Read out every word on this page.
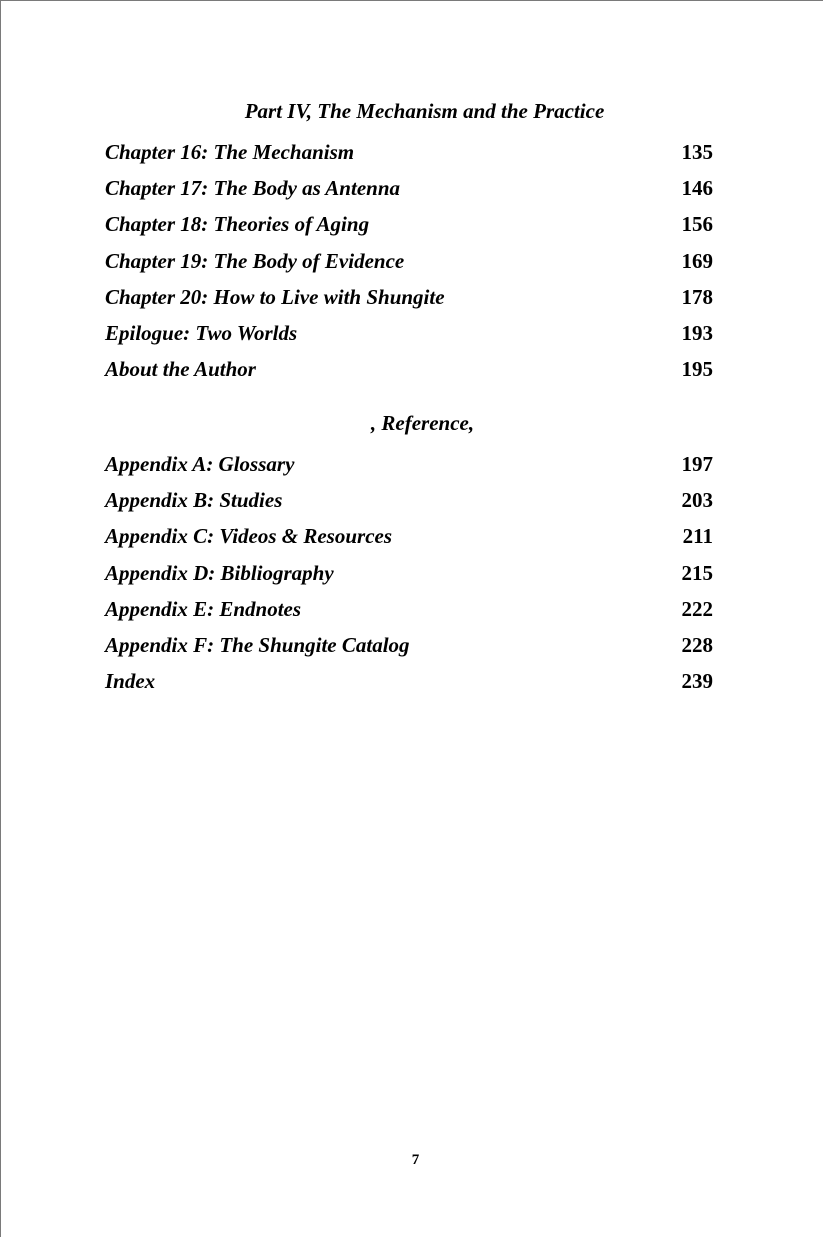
Part IV, The Mechanism and the Practice
Chapter 16: The Mechanism	135
Chapter 17: The Body as Antenna	146
Chapter 18: Theories of Aging	156
Chapter 19: The Body of Evidence	169
Chapter 20: How to Live with Shungite	178
Epilogue: Two Worlds	193
About the Author	195
, Reference,
Appendix A: Glossary	197
Appendix B: Studies	203
Appendix C: Videos & Resources	211
Appendix D: Bibliography	215
Appendix E: Endnotes	222
Appendix F: The Shungite Catalog	228
Index	239
7
